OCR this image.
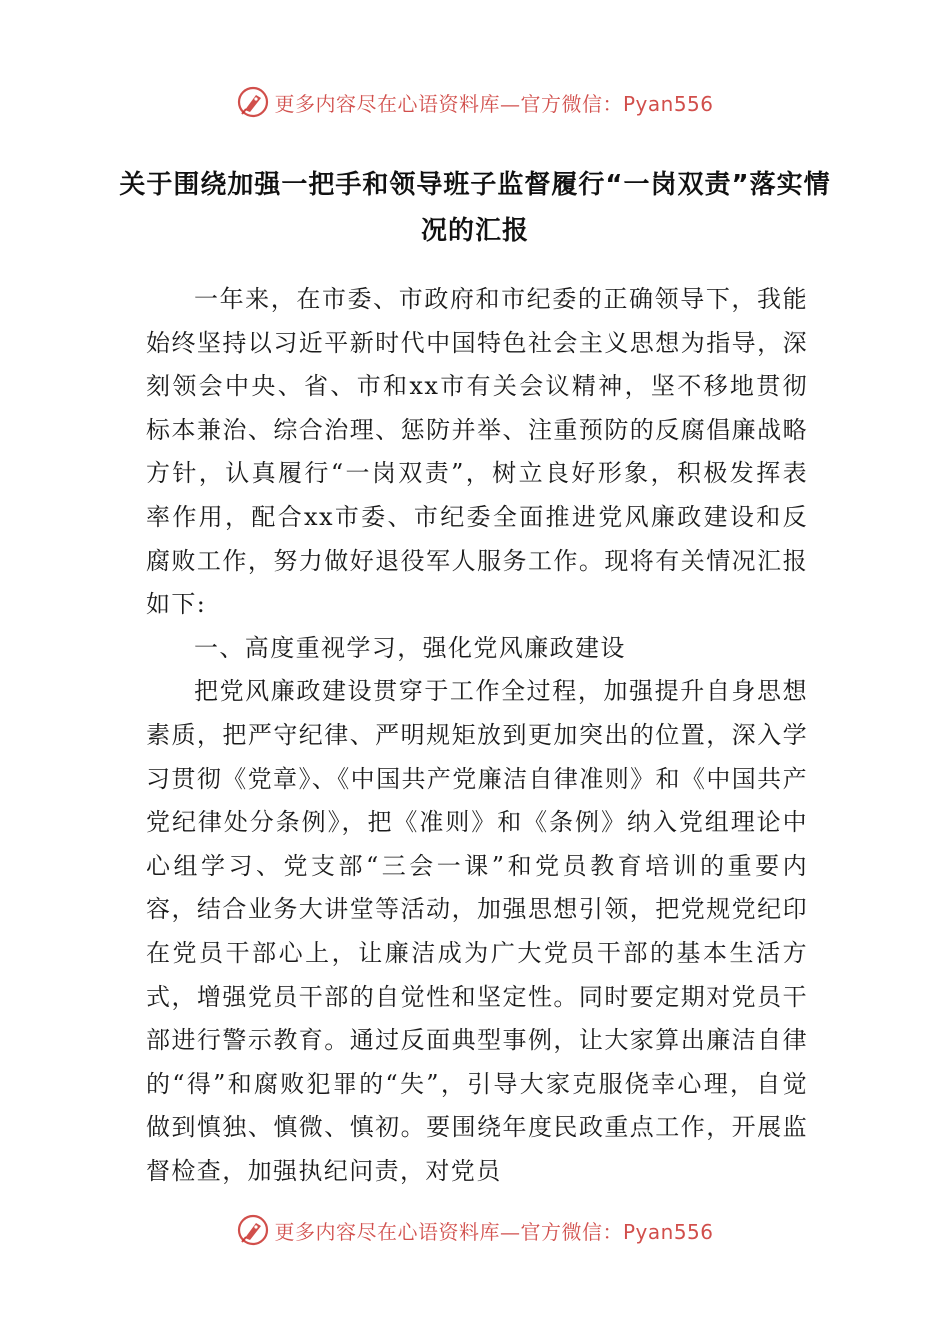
更多内容尽在心语资料库—官方微信：Pyan556
关于围绕加强一把手和领导班子监督履行“一岗双责”落实情况的汇报

一年来，在市委、市政府和市纪委的正确领导下，我能始终坚持以习近平新时代中国特色社会主义思想为指导，深刻领会中央、省、市和xx市有关会议精神，坚不移地贯彻标本兼治、综合治理、惩防并举、注重预防的反腐倡廉战略方针，认真履行“一岗双责”，树立良好形象，积极发挥表率作用，配合xx市委、市纪委全面推进党风廉政建设和反腐败工作，努力做好退役军人服务工作。现将有关情况汇报如下:

一、高度重视学习，强化党风廉政建设

把党风廉政建设贯穿于工作全过程，加强提升自身思想素质，把严守纪律、严明规矩放到更加突出的位置，深入学习贯彻《党章》、《中国共产党廉洁自律准则》和《中国共产党纪律处分条例》，把《准则》和《条例》纳入党组理论中心组学习、党支部“三会一课”和党员教育培训的重要内容，结合业务大讲堂等活动，加强思想引领，把党规党纪印在党员干部心上，让廉洁成为广大党员干部的基本生活方式，增强党员干部的自觉性和坚定性。同时要定期对党员干部进行警示教育。通过反面典型事例，让大家算出廉洁自律的“得”和腐败犯罪的“失”，引导大家克服侥幸心理，自觉做到慎独、慎微、慎初。要围绕年度民政重点工作，开展监督检查，加强执纪问责，对党员

更多内容尽在心语资料库—官方微信：Pyan556
